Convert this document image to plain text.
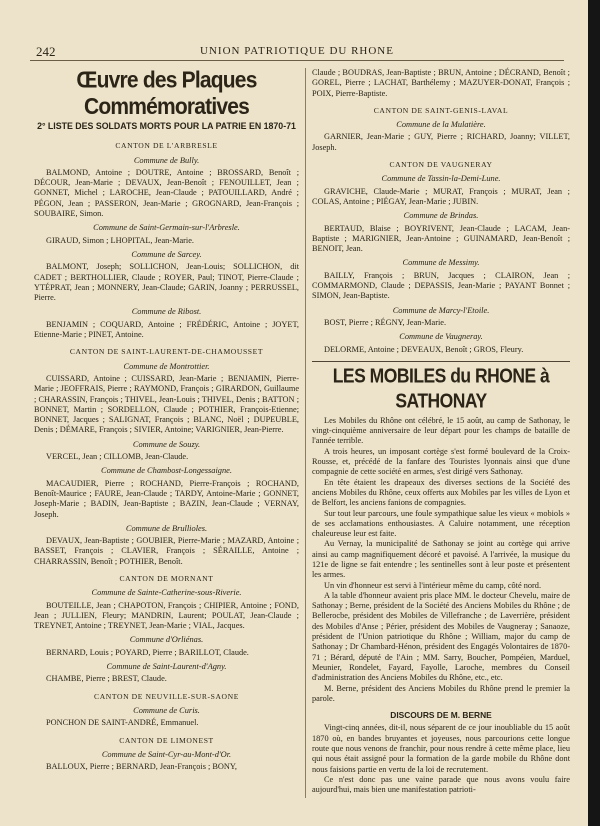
242	UNION PATRIOTIQUE DU RHONE
Œuvre des Plaques Commémoratives
2° LISTE DES SOLDATS MORTS POUR LA PATRIE EN 1870-71
CANTON DE L'ARBRESLE
Commune de Bully.

BALMOND, Antoine ; DOUTRE, Antoine ; BROSSARD, Benoît ; DÉCOUR, Jean-Marie ; DEVAUX, Jean-Benoît ; FENOUILLET, Jean ; GONNET, Michel ; LAROCHE, Jean-Claude ; PATOUILLARD, André ; PÉGON, Jean ; PASSERON, Jean-Marie ; GROGNARD, Jean-François ; SOUBAIRE, Simon.

Commune de Saint-Germain-sur-l'Arbresle.

GIRAUD, Simon ; LHOPITAL, Jean-Marie.

Commune de Sarcey.

BALMONT, Joseph; SOLLICHON, Jean-Louis; SOLLICHON, dit CADET ; BERTHOLLIER, Claude ; ROYER, Paul; TINOT, Pierre-Claude ; YTÉPRAT, Jean ; MONNERY, Jean-Claude; GARIN, Joanny ; PERRUSSEL, Pierre.

Commune de Ribost.

BENJAMIN ; COQUARD, Antoine ; FRÉDÉRIC, Antoine ; JOYET, Etienne-Marie ; PINET, Antoine.

CANTON DE SAINT-LAURENT-DE-CHAMOUSSET
Commune de Montrottier.

CUISSARD, Antoine ; CUISSARD, Jean-Marie ; BENJAMIN, Pierre-Marie ; JEOFFRAIS, Pierre ; RAYMOND, François ; GIRARDON, Guillaume ; CHARASSIN, François ; THIVEL, Jean-Louis ; THIVEL, Denis ; BATTON ; BONNET, Martin ; SORDELLON, Claude ; POTHIER, François-Etienne; BONNET, Jacques ; SALIGNAT, François ; BLANC, Noël ; DUPEUBLE, Denis ; DÉMARE, François ; SIVIER, Antoine; VARIGNIER, Jean-Pierre.

Commune de Souzy.

VERCEL, Jean ; CILLOMB, Jean-Claude.

Commune de Chambost-Longessaigne.

MACAUDIER, Pierre ; ROCHAND, Pierre-François ; ROCHAND, Benoît-Maurice ; FAURE, Jean-Claude ; TARDY, Antoine-Marie ; GONNET, Joseph-Marie ; BADIN, Jean-Baptiste ; BAZIN, Jean-Claude ; VERNAY, Joseph.

Commune de Brullioles.

DEVAUX, Jean-Baptiste ; GOUBIER, Pierre-Marie ; MAZARD, Antoine ; BASSET, François ; CLAVIER, François ; SÉRAILLE, Antoine ; CHARRASSIN, Benoît ; POTHIER, Benoît.

CANTON DE MORNANT
Commune de Sainte-Catherine-sous-Riverie.

BOUTEILLE, Jean ; CHAPOTON, François ; CHIPIER, Antoine ; FOND, Jean ; JULLIEN, Fleury; MANDRIN, Laurent; POULAT, Jean-Claude ; TREYNET, Antoine ; TREYNET, Jean-Marie ; VIAL, Jacques.

Commune d'Orliénas.

BERNARD, Louis ; POYARD, Pierre ; BARILLOT, Claude.

Commune de Saint-Laurent-d'Agny.

CHAMBE, Pierre ; BREST, Claude.

CANTON DE NEUVILLE-SUR-SAONE
Commune de Curis.

PONCHON DE SAINT-ANDRÉ, Emmanuel.

CANTON DE LIMONEST
Commune de Saint-Cyr-au-Mont-d'Or.

BALLOUX, Pierre ; BERNARD, Jean-François ; BONY,

Claude ; BOUDRAS, Jean-Baptiste ; BRUN, Antoine ; DÉCRAND, Benoît ; GOREL, Pierre ; LACHAT, Barthélemy ; MAZUYER-DONAT, François ; POIX, Pierre-Baptiste.
CANTON DE SAINT-GENIS-LAVAL
Commune de la Mulatière.

GARNIER, Jean-Marie ; GUY, Pierre ; RICHARD, Joanny; VILLET, Joseph.

CANTON DE VAUGNERAY
Commune de Tassin-la-Demi-Lune.

GRAVICHE, Claude-Marie ; MURAT, François ; MURAT, Jean ; COLAS, Antoine ; PIÉGAY, Jean-Marie ; JUBIN.

Commune de Brindas.

BERTAUD, Blaise ; BOYRIVENT, Jean-Claude ; LACAM, Jean-Baptiste ; MARIGNIER, Jean-Antoine ; GUINAMARD, Jean-Benoît ; BENOIT, Jean.

Commune de Messimy.

BAILLY, François ; BRUN, Jacques ; CLAIRON, Jean ; COMMARMOND, Claude ; DEPASSIS, Jean-Marie ; PAYANT Bonnet ; SIMON, Jean-Baptiste.

Commune de Marcy-l'Etoile.

BOST, Pierre ; RÉGNY, Jean-Marie.

Commune de Vaugneray.

DELORME, Antoine ; DEVEAUX, Benoît ; GROS, Fleury.

LES MOBILES du RHONE à SATHONAY

Les Mobiles du Rhône ont célébré, le 15 août, au camp de Sathonay, le vingt-cinquième anniversaire de leur départ pour les champs de bataille de l'année terrible.

A trois heures, un imposant cortège s'est formé boulevard de la Croix-Rousse, et, précédé de la fanfare des Touristes lyonnais ainsi que d'une compagnie de cette société en armes, s'est dirigé vers Sathonay.

En tête étaient les drapeaux des diverses sections de la Société des anciens Mobiles du Rhône, ceux offerts aux Mobiles par les villes de Lyon et de Belfort, les anciens fanions de compagnies.

Sur tout leur parcours, une foule sympathique salue les vieux « mobiols » de ses acclamations enthousiastes. A Caluire notamment, une réception chaleureuse leur est faite.

Au Vernay, la municipalité de Sathonay se joint au cortège qui arrive ainsi au camp magnifiquement décoré et pavoisé. A l'arrivée, la musique du 121e de ligne se fait entendre ; les sentinelles sont à leur poste et présentent les armes.

Un vin d'honneur est servi à l'intérieur même du camp, côté nord.

A la table d'honneur avaient pris place MM. le docteur Chevelu, maire de Sathonay ; Berne, président de la Société des Anciens Mobiles du Rhône ; de Bellerocbe, président des Mobiles de Villefranche ; de Laverrière, président des Mobiles d'Anse ; Périer, président des Mobiles de Vaugneray ; Sanaoze, président de l'Union patriotique du Rhône ; William, major du camp de Sathonay ; Dr Chambard-Hénon, président des Engagés Volontaires de 1870-71 ; Bérard, député de l'Ain ; MM. Sarry, Boucher, Pompéien, Marduel, Meunier, Rondelet, Fayard, Fayolle, Laroche, membres du Conseil d'administration des Anciens Mobiles du Rhône, etc., etc.

M. Berne, président des Anciens Mobiles du Rhône prend le premier la parole.

DISCOURS DE M. BERNE

Vingt-cinq années, dit-il, nous séparent de ce jour inoubliable du 15 août 1870 où, en bandes bruyantes et joyeuses, nous parcourions cette longue route que nous venons de franchir, pour nous rendre à cette même place, lieu qui nous était assigné pour la formation de la garde mobile du Rhône dont nous faisions partie en vertu de la loi de recrutement.

Ce n'est donc pas une vaine parade que nous avons voulu faire aujourd'hui, mais bien une manifestation patrioti-
